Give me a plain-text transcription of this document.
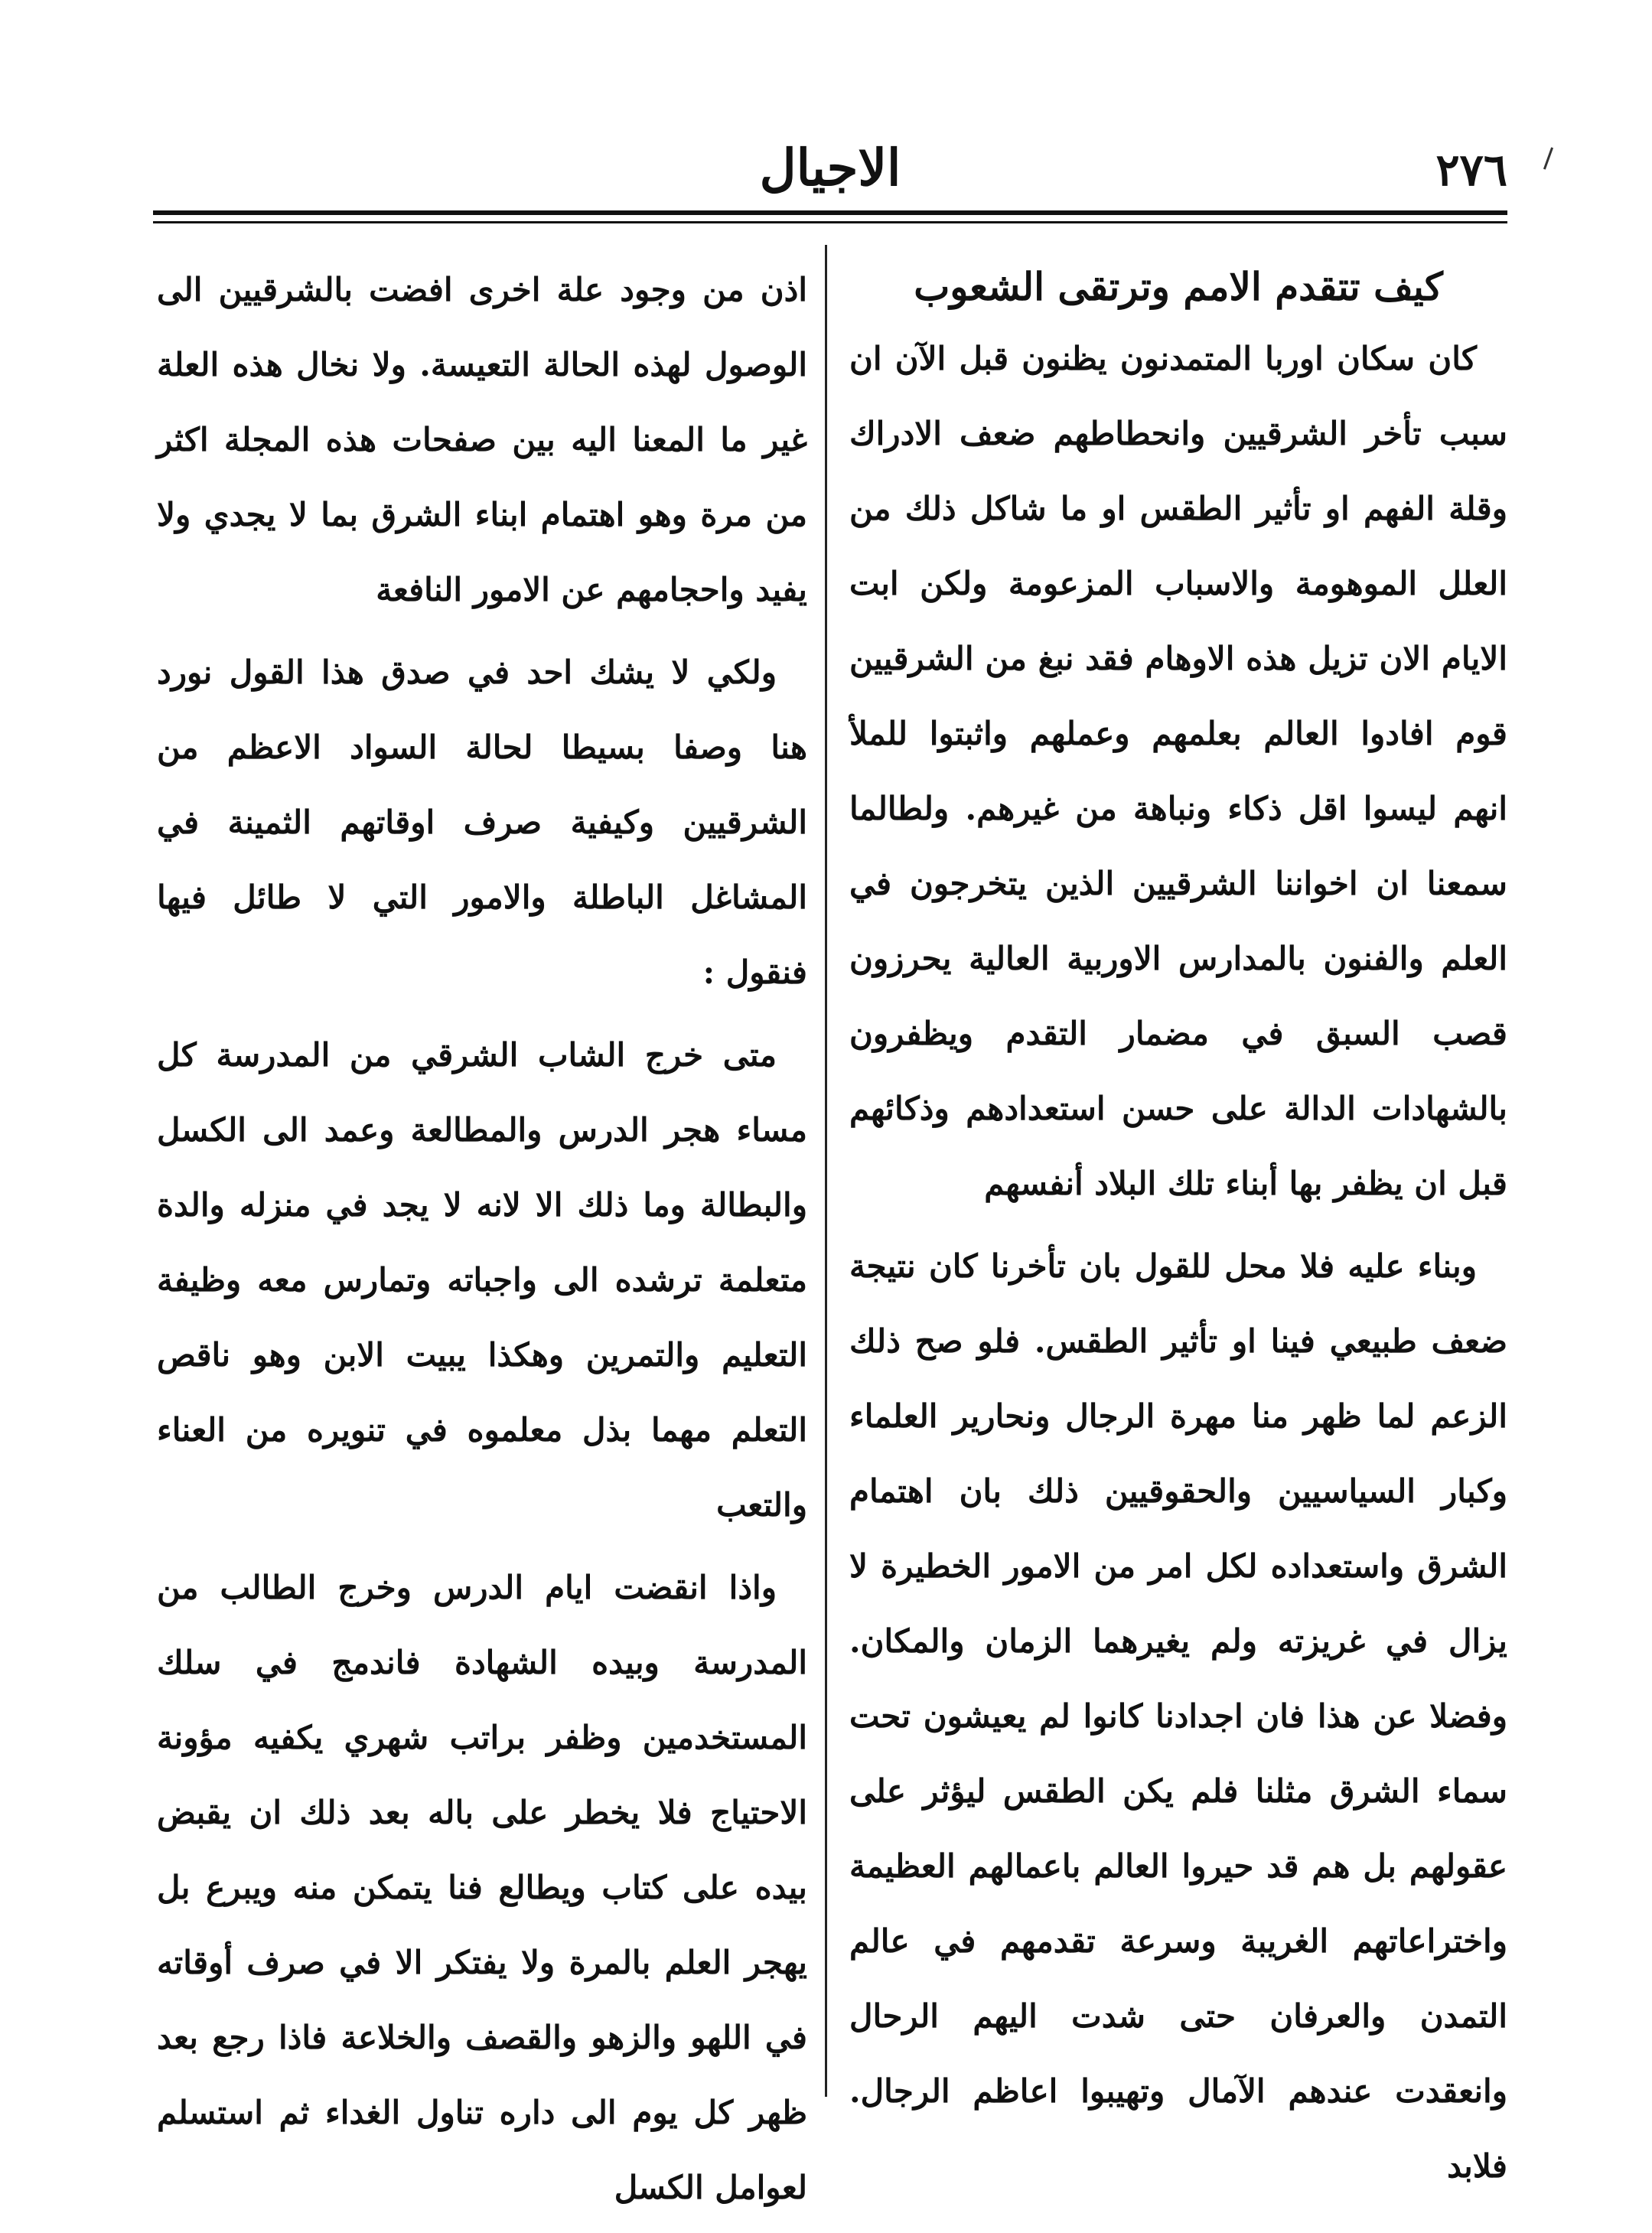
الاجيال	٢٧٦
كيف تتقدم الامم وترتقى الشعوب

كان سكان اوربا المتمدنون يظنون قبل الآن ان سبب تأخر الشرقيين وانحطاطهم ضعف الادراك وقلة الفهم او تأثير الطقس او ما شاكل ذلك من العلل الموهومة والاسباب المزعومة ولكن ابت الايام الان تزيل هذه الاوهام فقد نبغ من الشرقيين قوم افادوا العالم بعلمهم وعملهم واثبتوا للملأ انهم ليسوا اقل ذكاء ونباهة من غيرهم. ولطالما سمعنا ان اخواننا الشرقيين الذين يتخرجون في العلم والفنون بالمدارس الاوربية العالية يحرزون قصب السبق في مضمار التقدم ويظفرون بالشهادات الدالة على حسن استعدادهم وذكائهم قبل ان يظفر بها أبناء تلك البلاد أنفسهم

وبناء عليه فلا محل للقول بان تأخرنا كان نتيجة ضعف طبيعي فينا او تأثير الطقس. فلو صح ذلك الزعم لما ظهر منا مهرة الرجال ونحارير العلماء وكبار السياسيين والحقوقيين ذلك بان اهتمام الشرق واستعداده لكل امر من الامور الخطيرة لا يزال في غريزته ولم يغيرهما الزمان والمكان. وفضلا عن هذا فان اجدادنا كانوا لم يعيشون تحت سماء الشرق مثلنا فلم يكن الطقس ليؤثر على عقولهم بل هم قد حيروا العالم باعمالهم العظيمة واختراعاتهم الغريبة وسرعة تقدمهم في عالم التمدن والعرفان حتى شدت اليهم الرحال وانعقدت عندهم الآمال وتهيبوا اعاظم الرجال. فلابد

اذن من وجود علة اخرى افضت بالشرقيين الى الوصول لهذه الحالة التعيسة. ولا نخال هذه العلة غير ما المعنا اليه بين صفحات هذه المجلة اكثر من مرة وهو اهتمام ابناء الشرق بما لا يجدي ولا يفيد واحجامهم عن الامور النافعة

ولكي لا يشك احد في صدق هذا القول نورد هنا وصفا بسيطا لحالة السواد الاعظم من الشرقيين وكيفية صرف اوقاتهم الثمينة في المشاغل الباطلة والامور التي لا طائل فيها فنقول :

متى خرج الشاب الشرقي من المدرسة كل مساء هجر الدرس والمطالعة وعمد الى الكسل والبطالة وما ذلك الا لانه لا يجد في منزله والدة متعلمة ترشده الى واجباته وتمارس معه وظيفة التعليم والتمرين وهكذا يبيت الابن وهو ناقص التعلم مهما بذل معلموه في تنويره من العناء والتعب

واذا انقضت ايام الدرس وخرج الطالب من المدرسة وبيده الشهادة فاندمج في سلك المستخدمين وظفر براتب شهري يكفيه مؤونة الاحتياج فلا يخطر على باله بعد ذلك ان يقبض بيده على كتاب ويطالع فنا يتمكن منه ويبرع بل يهجر العلم بالمرة ولا يفتكر الا في صرف أوقاته في اللهو والزهو والقصف والخلاعة فاذا رجع بعد ظهر كل يوم الى داره تناول الغداء ثم استسلم لعوامل الكسل
